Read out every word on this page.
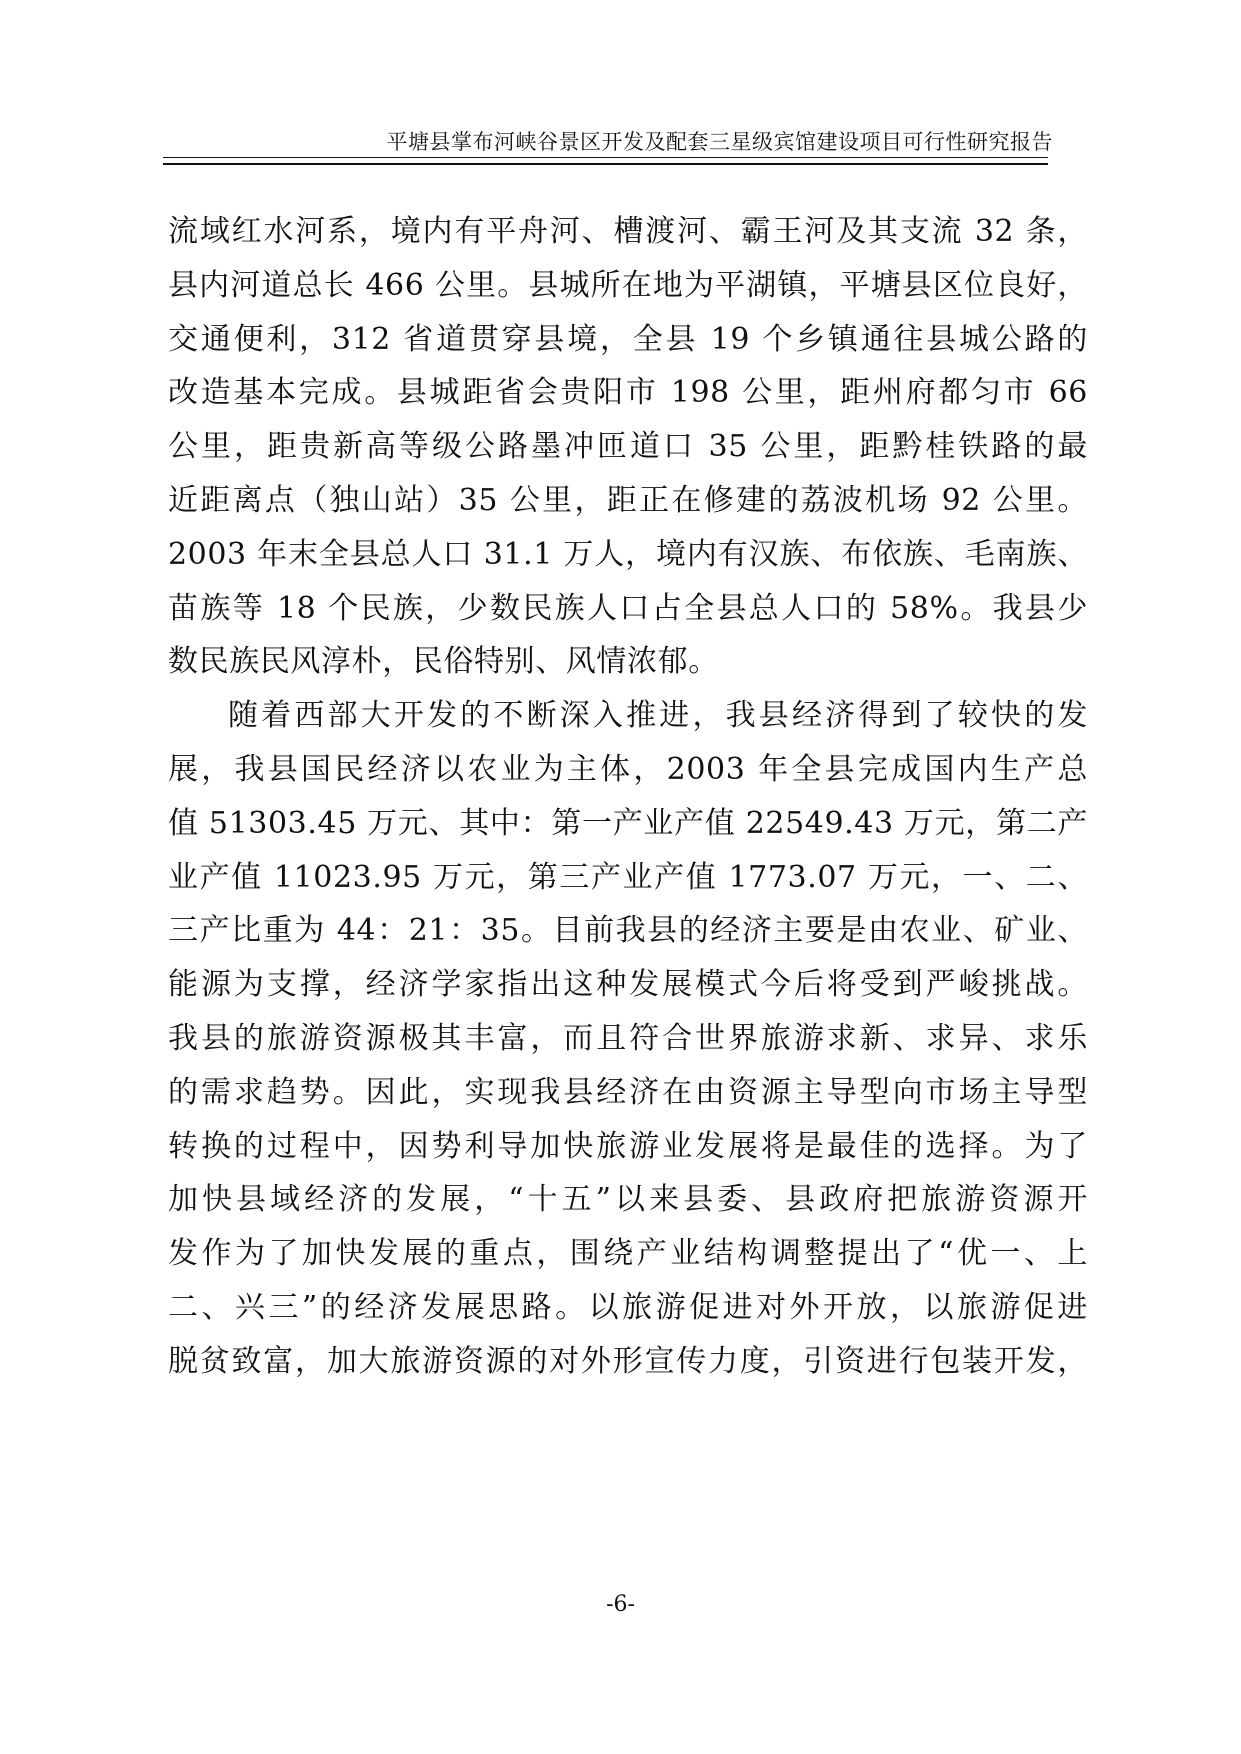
平塘县掌布河峡谷景区开发及配套三星级宾馆建设项目可行性研究报告
流域红水河系，境内有平舟河、槽渡河、霸王河及其支流 32 条，
县内河道总长 466 公里。县城所在地为平湖镇，平塘县区位良好，
交通便利，312 省道贯穿县境，全县 19 个乡镇通往县城公路的
改造基本完成。县城距省会贵阳市 198 公里，距州府都匀市 66
公里，距贵新高等级公路墨冲匝道口 35 公里，距黔桂铁路的最
近距离点（独山站）35 公里，距正在修建的荔波机场 92 公里。
2003 年末全县总人口 31.1 万人，境内有汉族、布依族、毛南族、
苗族等 18 个民族，少数民族人口占全县总人口的 58%。我县少
数民族民风淳朴，民俗特别、风情浓郁。
随着西部大开发的不断深入推进，我县经济得到了较快的发
展，我县国民经济以农业为主体，2003 年全县完成国内生产总
值 51303.45 万元、其中：第一产业产值 22549.43 万元，第二产
业产值 11023.95 万元，第三产业产值 1773.07 万元，一、二、
三产比重为 44：21：35。目前我县的经济主要是由农业、矿业、
能源为支撑，经济学家指出这种发展模式今后将受到严峻挑战。
我县的旅游资源极其丰富，而且符合世界旅游求新、求异、求乐
的需求趋势。因此，实现我县经济在由资源主导型向市场主导型
转换的过程中，因势利导加快旅游业发展将是最佳的选择。为了
加快县域经济的发展，“十五”以来县委、县政府把旅游资源开
发作为了加快发展的重点，围绕产业结构调整提出了“优一、上
二、兴三”的经济发展思路。以旅游促进对外开放，以旅游促进
脱贫致富，加大旅游资源的对外形宣传力度，引资进行包装开发，
-6-
